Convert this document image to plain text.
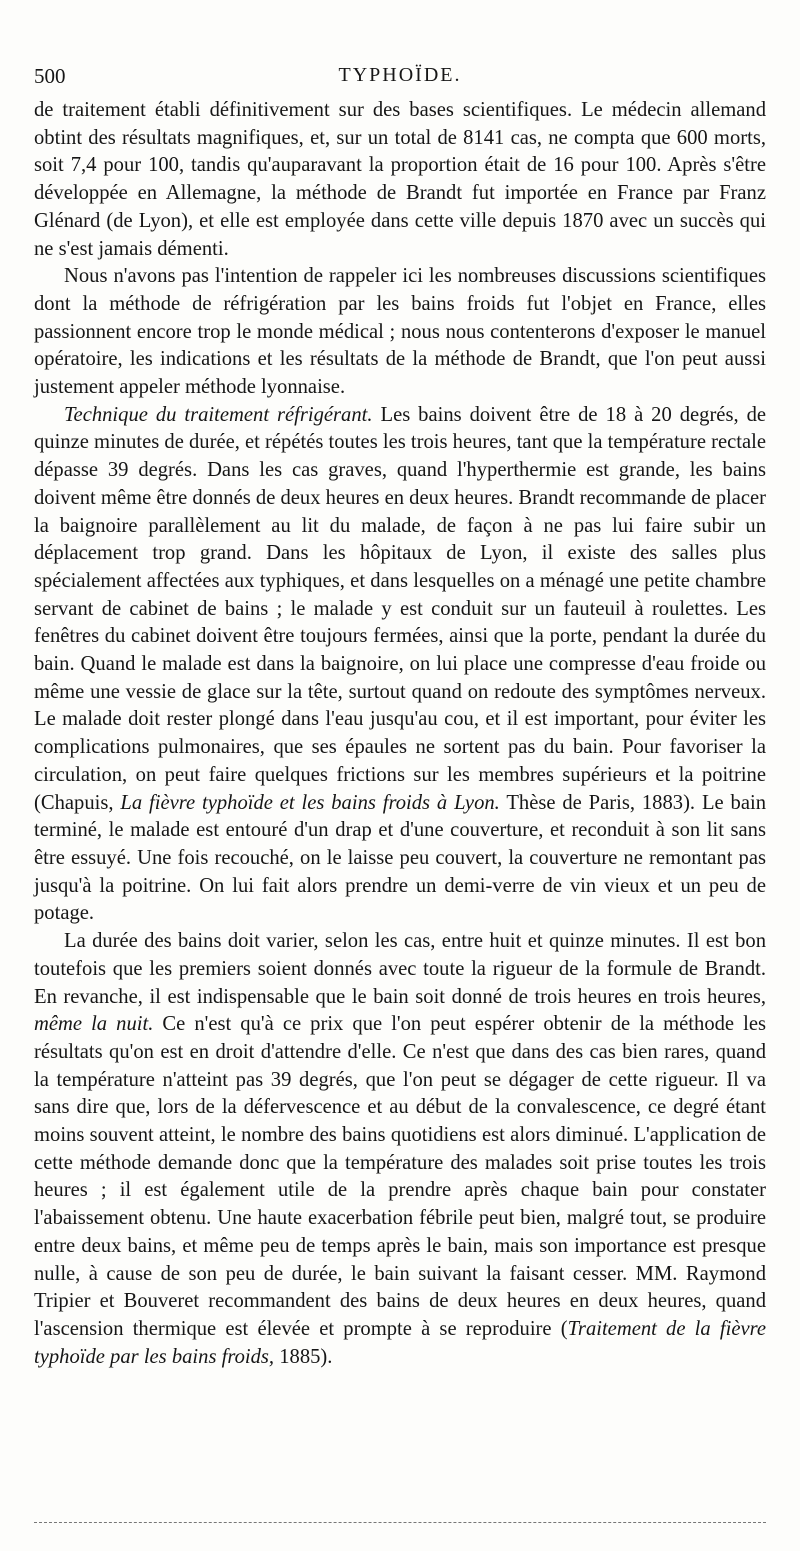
500	TYPHOÏDE.

de traitement établi définitivement sur des bases scientifiques. Le médecin allemand obtint des résultats magnifiques, et, sur un total de 8141 cas, ne compta que 600 morts, soit 7,4 pour 100, tandis qu'auparavant la proportion était de 16 pour 100. Après s'être développée en Allemagne, la méthode de Brandt fut importée en France par Franz Glénard (de Lyon), et elle est employée dans cette ville depuis 1870 avec un succès qui ne s'est jamais démenti.

Nous n'avons pas l'intention de rappeler ici les nombreuses discussions scientifiques dont la méthode de réfrigération par les bains froids fut l'objet en France, elles passionnent encore trop le monde médical ; nous nous contenterons d'exposer le manuel opératoire, les indications et les résultats de la méthode de Brandt, que l'on peut aussi justement appeler méthode lyonnaise.

Technique du traitement réfrigérant. Les bains doivent être de 18 à 20 degrés, de quinze minutes de durée, et répétés toutes les trois heures, tant que la température rectale dépasse 39 degrés. Dans les cas graves, quand l'hyperthermie est grande, les bains doivent même être donnés de deux heures en deux heures. Brandt recommande de placer la baignoire parallèlement au lit du malade, de façon à ne pas lui faire subir un déplacement trop grand. Dans les hôpitaux de Lyon, il existe des salles plus spécialement affectées aux typhiques, et dans lesquelles on a ménagé une petite chambre servant de cabinet de bains ; le malade y est conduit sur un fauteuil à roulettes. Les fenêtres du cabinet doivent être toujours fermées, ainsi que la porte, pendant la durée du bain. Quand le malade est dans la baignoire, on lui place une compresse d'eau froide ou même une vessie de glace sur la tête, surtout quand on redoute des symptômes nerveux. Le malade doit rester plongé dans l'eau jusqu'au cou, et il est important, pour éviter les complications pulmonaires, que ses épaules ne sortent pas du bain. Pour favoriser la circulation, on peut faire quelques frictions sur les membres supérieurs et la poitrine (Chapuis, La fièvre typhoïde et les bains froids à Lyon. Thèse de Paris, 1883). Le bain terminé, le malade est entouré d'un drap et d'une couverture, et reconduit à son lit sans être essuyé. Une fois recouché, on le laisse peu couvert, la couverture ne remontant pas jusqu'à la poitrine. On lui fait alors prendre un demi-verre de vin vieux et un peu de potage.

La durée des bains doit varier, selon les cas, entre huit et quinze minutes. Il est bon toutefois que les premiers soient donnés avec toute la rigueur de la formule de Brandt. En revanche, il est indispensable que le bain soit donné de trois heures en trois heures, même la nuit. Ce n'est qu'à ce prix que l'on peut espérer obtenir de la méthode les résultats qu'on est en droit d'attendre d'elle. Ce n'est que dans des cas bien rares, quand la température n'atteint pas 39 degrés, que l'on peut se dégager de cette rigueur. Il va sans dire que, lors de la défervescence et au début de la convalescence, ce degré étant moins souvent atteint, le nombre des bains quotidiens est alors diminué. L'application de cette méthode demande donc que la température des malades soit prise toutes les trois heures ; il est également utile de la prendre après chaque bain pour constater l'abaissement obtenu. Une haute exacerbation fébrile peut bien, malgré tout, se produire entre deux bains, et même peu de temps après le bain, mais son importance est presque nulle, à cause de son peu de durée, le bain suivant la faisant cesser. MM. Raymond Tripier et Bouveret recommandent des bains de deux heures en deux heures, quand l'ascension thermique est élevée et prompte à se reproduire (Traitement de la fièvre typhoïde par les bains froids, 1885).
